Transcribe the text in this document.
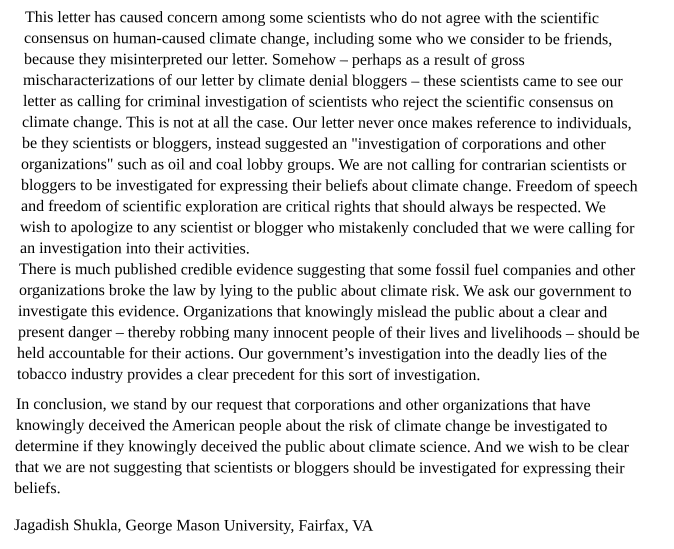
This letter has caused concern among some scientists who do not agree with the scientific
consensus on human-caused climate change, including some who we consider to be friends,
because they misinterpreted our letter. Somehow – perhaps as a result of gross
mischaracterizations of our letter by climate denial bloggers – these scientists came to see our
letter as calling for criminal investigation of scientists who reject the scientific consensus on
climate change. This is not at all the case. Our letter never once makes reference to individuals,
be they scientists or bloggers, instead suggested an "investigation of corporations and other
organizations" such as oil and coal lobby groups. We are not calling for contrarian scientists or
bloggers to be investigated for expressing their beliefs about climate change. Freedom of speech
and freedom of scientific exploration are critical rights that should always be respected. We
wish to apologize to any scientist or blogger who mistakenly concluded that we were calling for
an investigation into their activities.
There is much published credible evidence suggesting that some fossil fuel companies and other
organizations broke the law by lying to the public about climate risk. We ask our government to
investigate this evidence. Organizations that knowingly mislead the public about a clear and
present danger – thereby robbing many innocent people of their lives and livelihoods – should be
held accountable for their actions. Our government’s investigation into the deadly lies of the
tobacco industry provides a clear precedent for this sort of investigation.
In conclusion, we stand by our request that corporations and other organizations that have
knowingly deceived the American people about the risk of climate change be investigated to
determine if they knowingly deceived the public about climate science. And we wish to be clear
that we are not suggesting that scientists or bloggers should be investigated for expressing their
beliefs.
Jagadish Shukla, George Mason University, Fairfax, VA
